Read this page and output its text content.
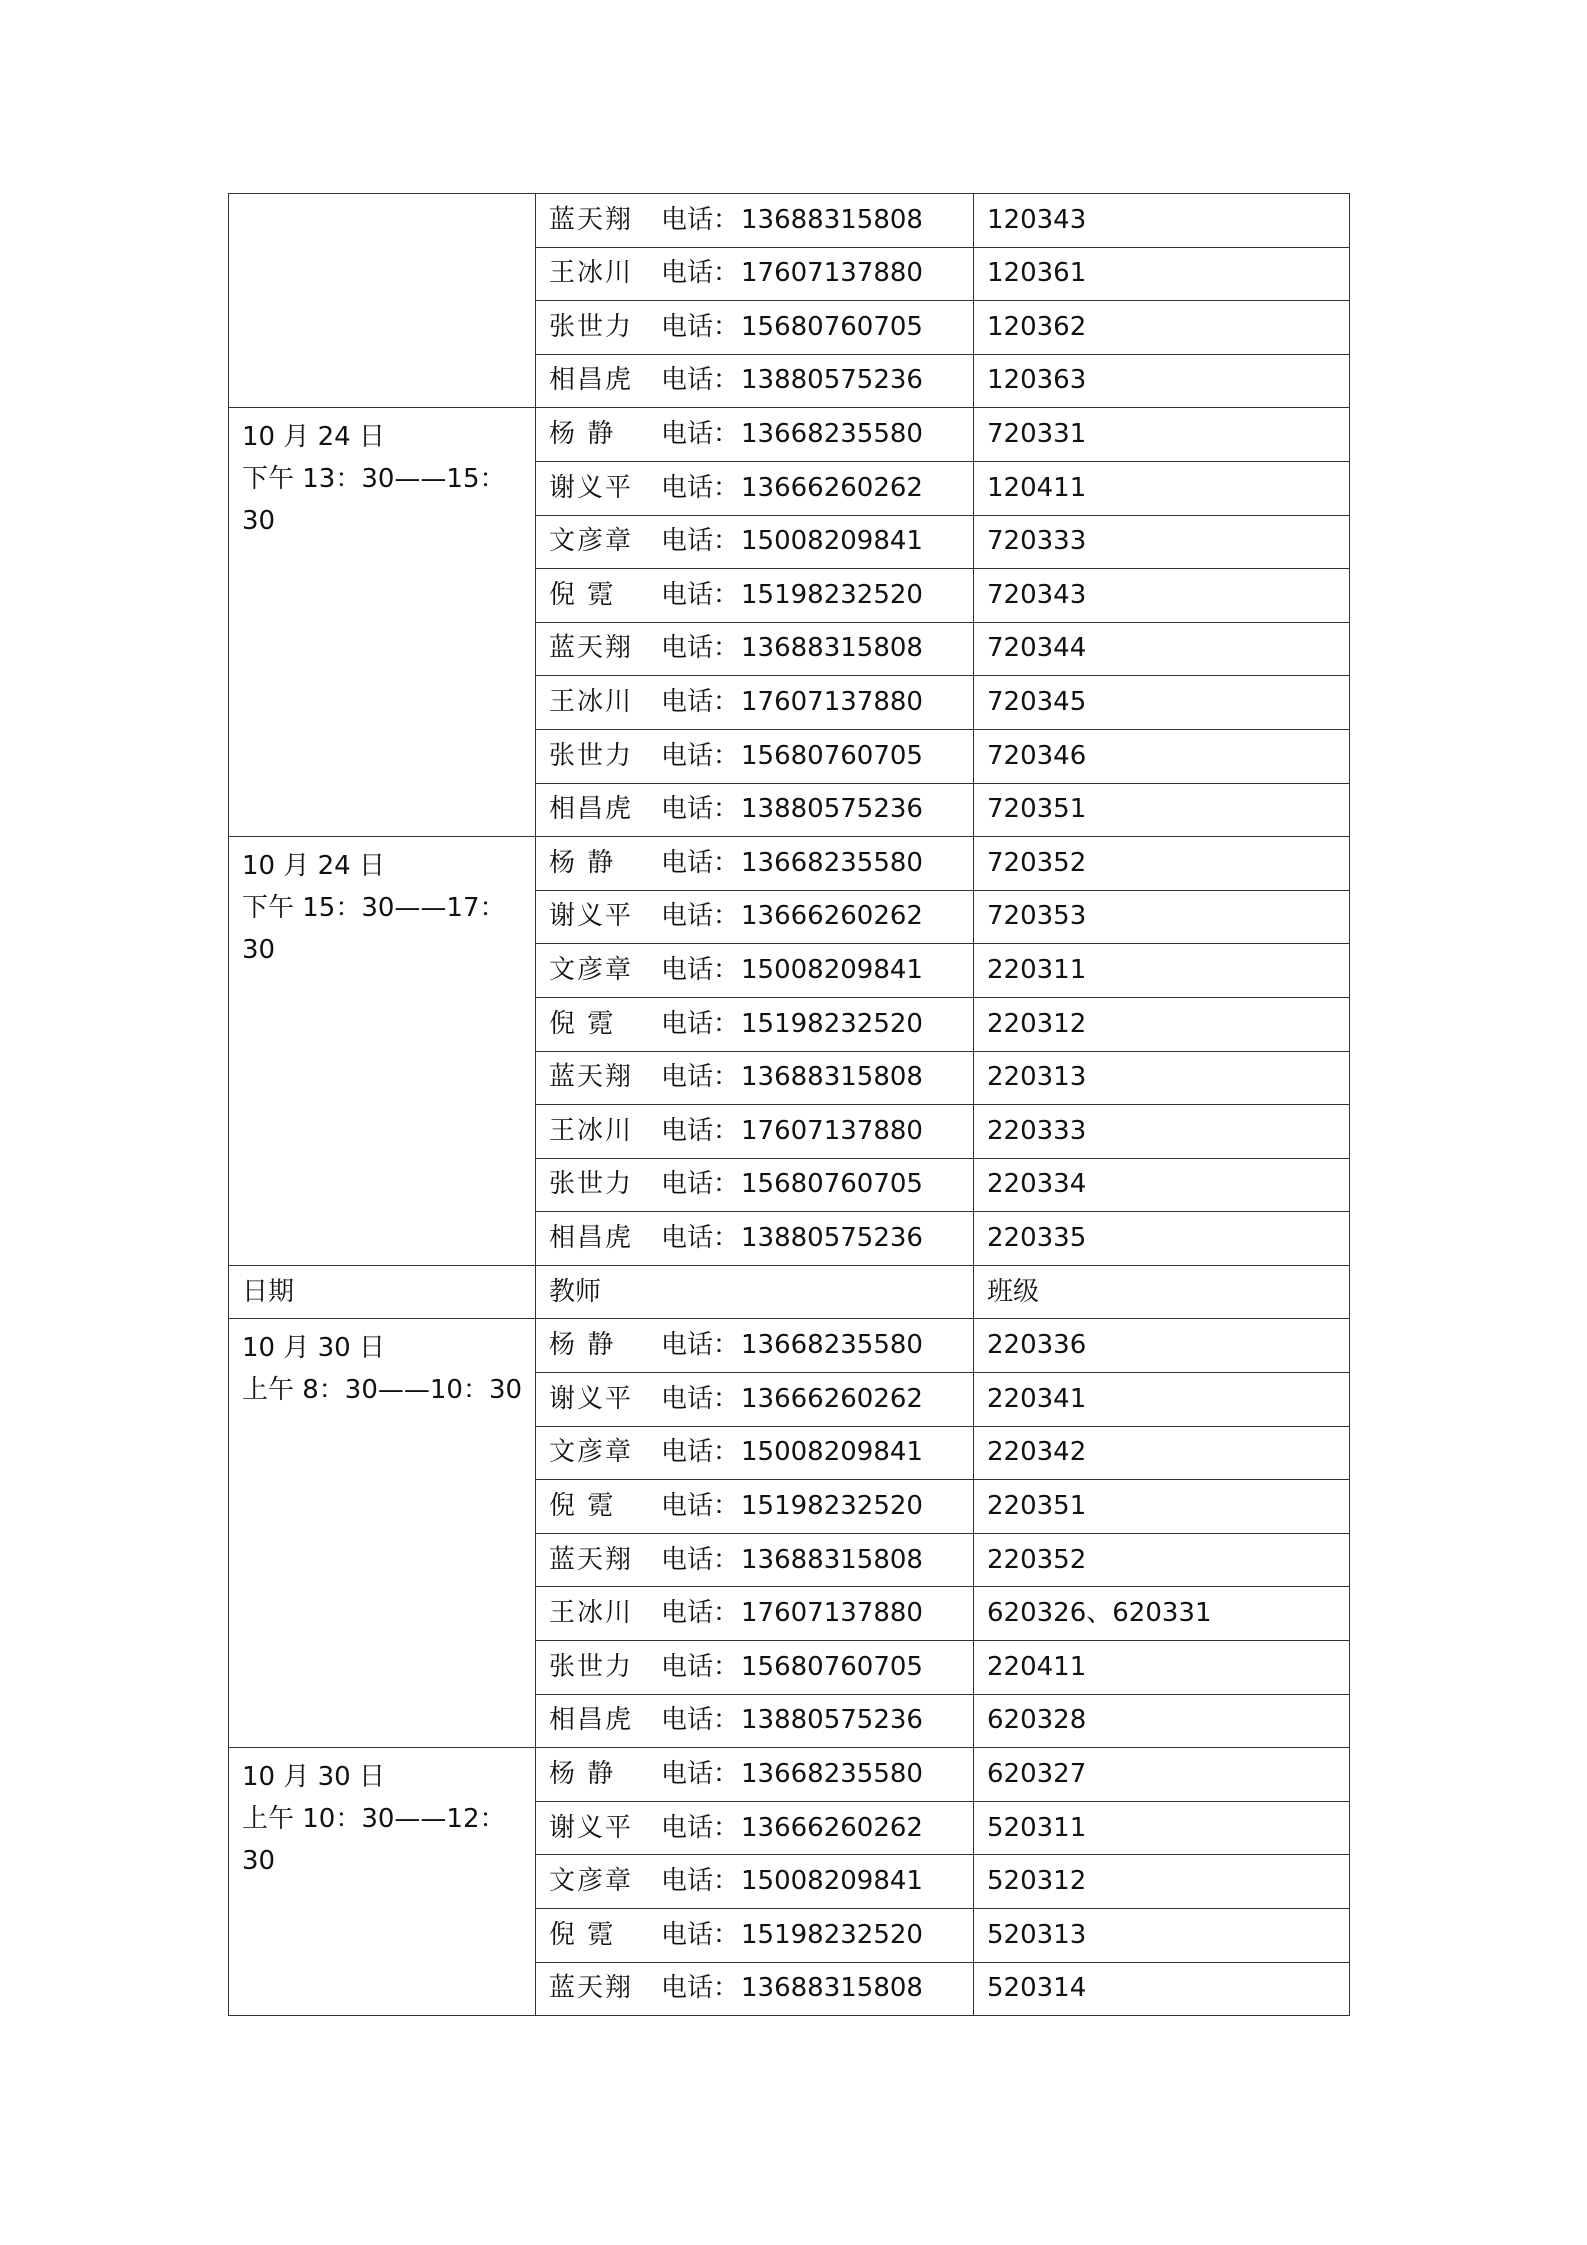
	蓝天翔 电话：13688315808	120343
	王冰川 电话：17607137880	120361
	张世力 电话：15680760705	120362
	相昌虎 电话：13880575236	120363

10 月 24 日
下午 13：30——15：30	杨 静 电话：13668235580	720331
	谢义平 电话：13666260262	120411
	文彦章 电话：15008209841	720333
	倪 霓 电话：15198232520	720343
	蓝天翔 电话：13688315808	720344
	王冰川 电话：17607137880	720345
	张世力 电话：15680760705	720346
	相昌虎 电话：13880575236	720351

10 月 24 日
下午 15：30——17：30	杨 静 电话：13668235580	720352
	谢义平 电话：13666260262	720353
	文彦章 电话：15008209841	220311
	倪 霓 电话：15198232520	220312
	蓝天翔 电话：13688315808	220313
	王冰川 电话：17607137880	220333
	张世力 电话：15680760705	220334
	相昌虎 电话：13880575236	220335
日期	教师	班级

10 月 30 日
上午 8：30——10：30	杨 静 电话：13668235580	220336
	谢义平 电话：13666260262	220341
	文彦章 电话：15008209841	220342
	倪 霓 电话：15198232520	220351
	蓝天翔 电话：13688315808	220352
	王冰川 电话：17607137880	620326、620331
	张世力 电话：15680760705	220411
	相昌虎 电话：13880575236	620328

10 月 30 日
上午 10：30——12：30	杨 静 电话：13668235580	620327
	谢义平 电话：13666260262	520311
	文彦章 电话：15008209841	520312
	倪 霓 电话：15198232520	520313
	蓝天翔 电话：13688315808	520314
